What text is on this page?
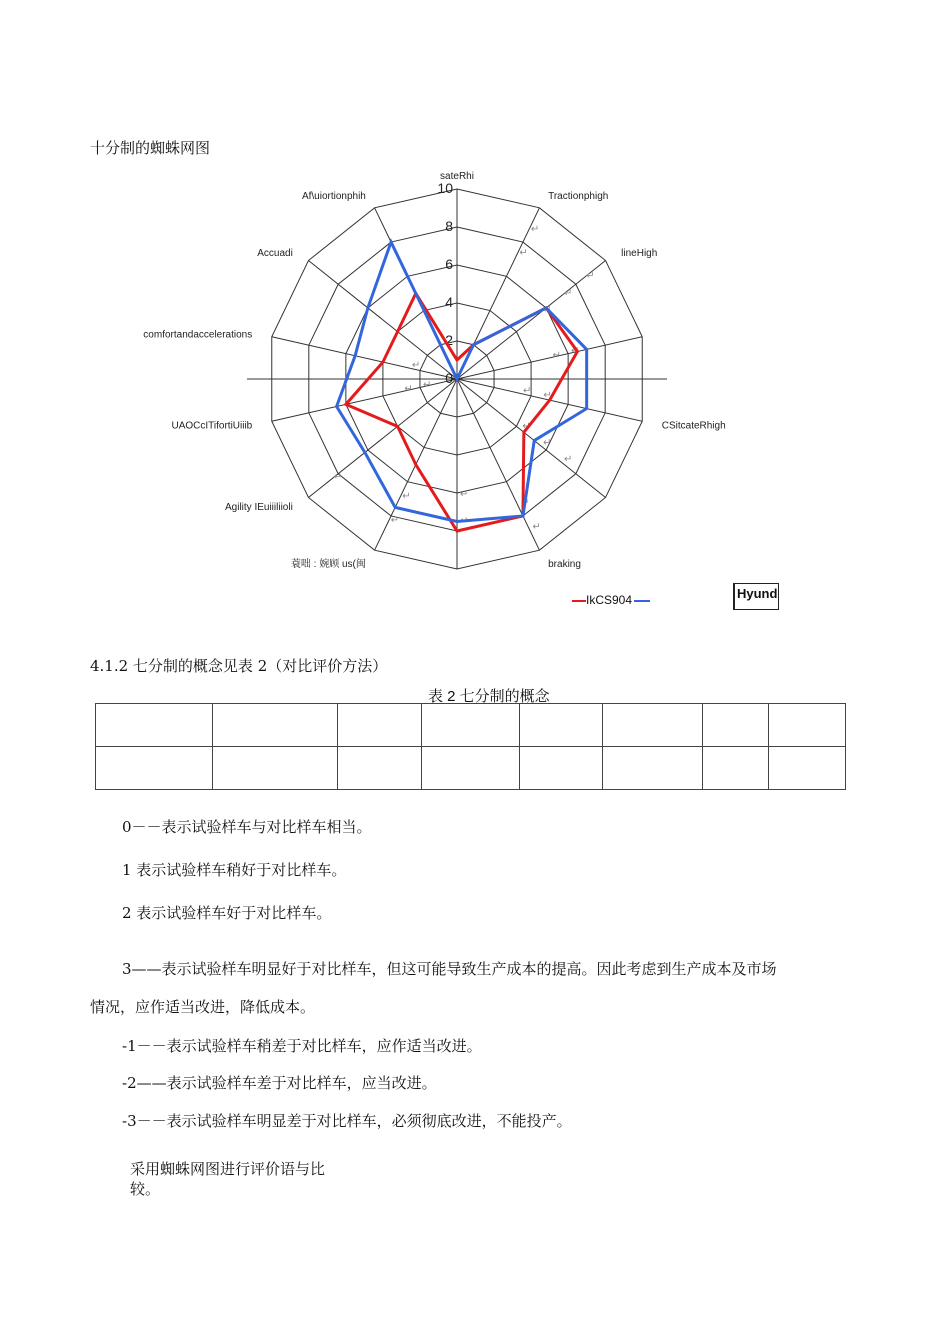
十分制的蜘蛛网图
0
2
4
6
8
10
↵
↵
↵
↵
↵
↵
↵
↵
↵
↵
↵
↵
↵
↵
↵
↵
↵
↵
↵
↵ ↵
↵
sateRhi
Tractionphigh
lineHigh
CSitcateRhigh
braking
蓑咄 : 婉顾 us(闽
Agility IEuiiiliioli
UAOCcITifortiUiiib
comfortandaccelerations
Accuadi
Af\uiortionphih
IkCS904	Hyund
4.1.2 七分制的概念见表 2（对比评价方法）
表 2 七分制的概念

0－－表示试验样车与对比样车相当。
1 表示试验样车稍好于对比样车。
2 表示试验样车好于对比样车。
3——表示试验样车明显好于对比样车，但这可能导致生产成本的提高。因此考虑到生产成本及市场
情况，应作适当改进，降低成本。
-1－－表示试验样车稍差于对比样车，应作适当改进。
-2——表示试验样车差于对比样车，应当改进。
-3－－表示试验样车明显差于对比样车，必须彻底改进，不能投产。
采用蜘蛛网图进行评价语与比
较。
